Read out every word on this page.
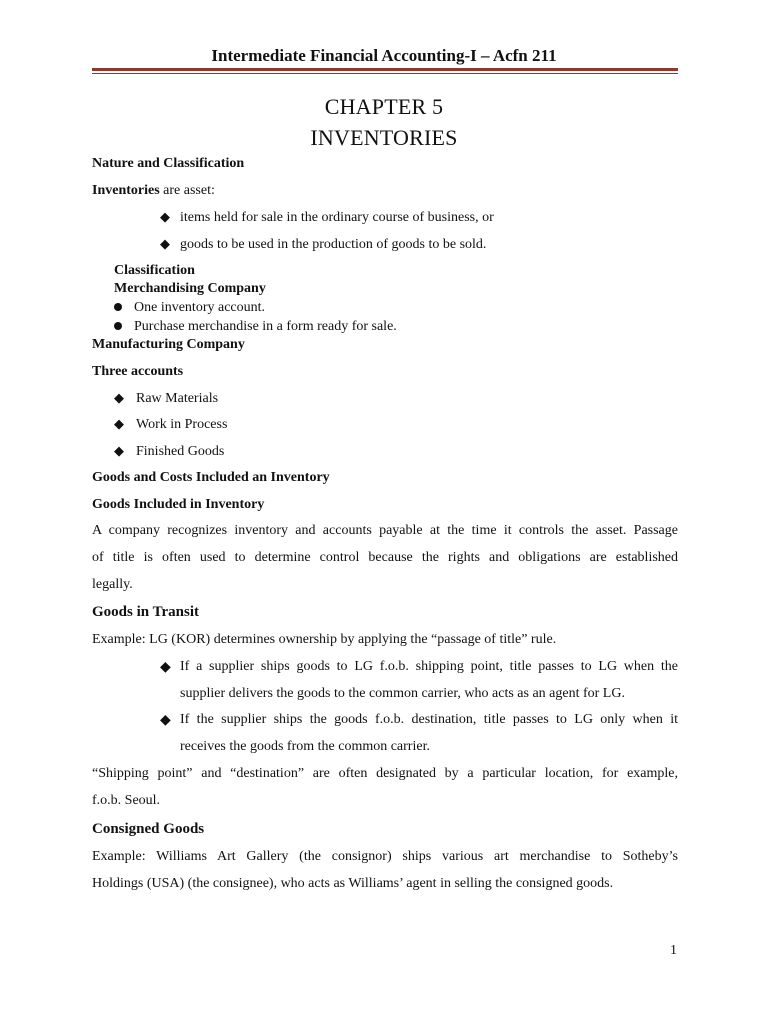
Intermediate Financial Accounting-I – Acfn 211
CHAPTER 5
INVENTORIES
Nature and Classification
Inventories are asset:
◆ items held for sale in the ordinary course of business, or
◆ goods to be used in the production of goods to be sold.
Classification
Merchandising Company
One inventory account.
Purchase merchandise in a form ready for sale.
Manufacturing Company
Three accounts
◆ Raw Materials
◆ Work in Process
◆ Finished Goods
Goods and Costs Included an Inventory
Goods Included in Inventory
A company recognizes inventory and accounts payable at the time it controls the asset. Passage
of title is often used to determine control because the rights and obligations are established
legally.
Goods in Transit
Example: LG (KOR) determines ownership by applying the “passage of title” rule.
◆ If a supplier ships goods to LG f.o.b. shipping point, title passes to LG when the
supplier delivers the goods to the common carrier, who acts as an agent for LG.
◆ If the supplier ships the goods f.o.b. destination, title passes to LG only when it
receives the goods from the common carrier.
“Shipping point” and “destination” are often designated by a particular location, for example,
f.o.b. Seoul.
Consigned Goods
Example: Williams Art Gallery (the consignor) ships various art merchandise to Sotheby’s
Holdings (USA) (the consignee), who acts as Williams’ agent in selling the consigned goods.
1
